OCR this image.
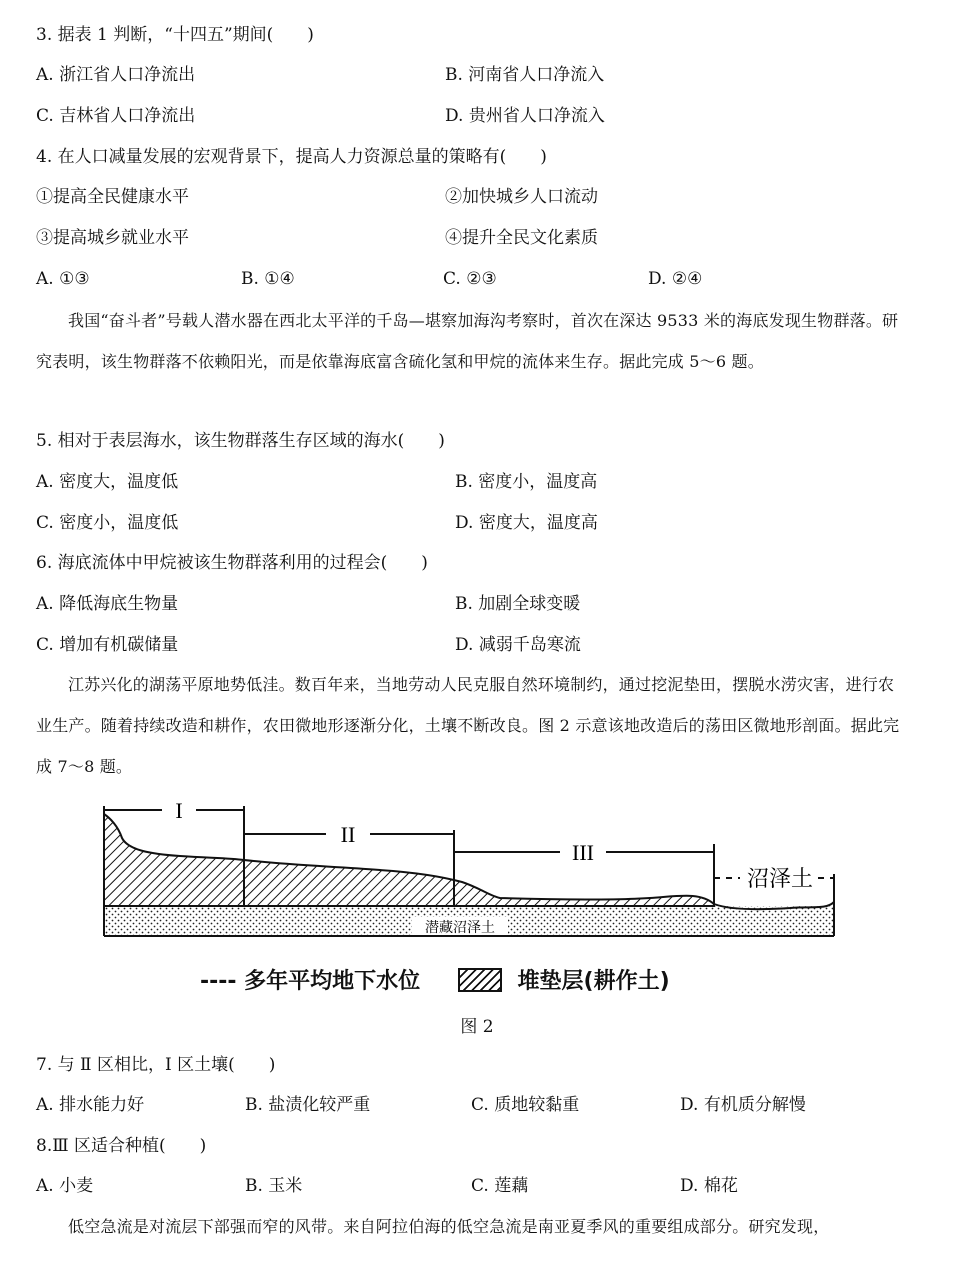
3. 据表 1 判断，“十四五”期间(　　)
A. 浙江省人口净流出	B. 河南省人口净流入
C. 吉林省人口净流出	D. 贵州省人口净流入
4. 在人口减量发展的宏观背景下，提高人力资源总量的策略有(　　)
①提高全民健康水平	②加快城乡人口流动
③提高城乡就业水平	④提升全民文化素质
A. ①③	B. ①④	C. ②③	D. ②④
我国“奋斗者”号载人潜水器在西北太平洋的千岛—堪察加海沟考察时，首次在深达 9533 米的海底发现生物群落。研究表明，该生物群落不依赖阳光，而是依靠海底富含硫化氢和甲烷的流体来生存。据此完成 5～6 题。
5. 相对于表层海水，该生物群落生存区域的海水(　　)
A. 密度大，温度低	B. 密度小，温度高
C. 密度小，温度低	D. 密度大，温度高
6. 海底流体中甲烷被该生物群落利用的过程会(　　)
A. 降低海底生物量	B. 加剧全球变暖
C. 增加有机碳储量	D. 减弱千岛寒流
江苏兴化的湖荡平原地势低洼。数百年来，当地劳动人民克服自然环境制约，通过挖泥垫田，摆脱水涝灾害，进行农业生产。随着持续改造和耕作，农田微地形逐渐分化，土壤不断改良。图 2 示意该地改造后的荡田区微地形剖面。据此完成 7～8 题。
I
II
III
沼泽土
潜藏沼泽土
---- 多年平均地下水位	堆垫层(耕作土)
图 2
7. 与 Ⅱ 区相比，Ⅰ 区土壤(　　)
A. 排水能力好	B. 盐渍化较严重	C. 质地较黏重	D. 有机质分解慢
8.Ⅲ 区适合种植(　　)
A. 小麦	B. 玉米	C. 莲藕	D. 棉花
低空急流是对流层下部强而窄的风带。来自阿拉伯海的低空急流是南亚夏季风的重要组成部分。研究发现，
